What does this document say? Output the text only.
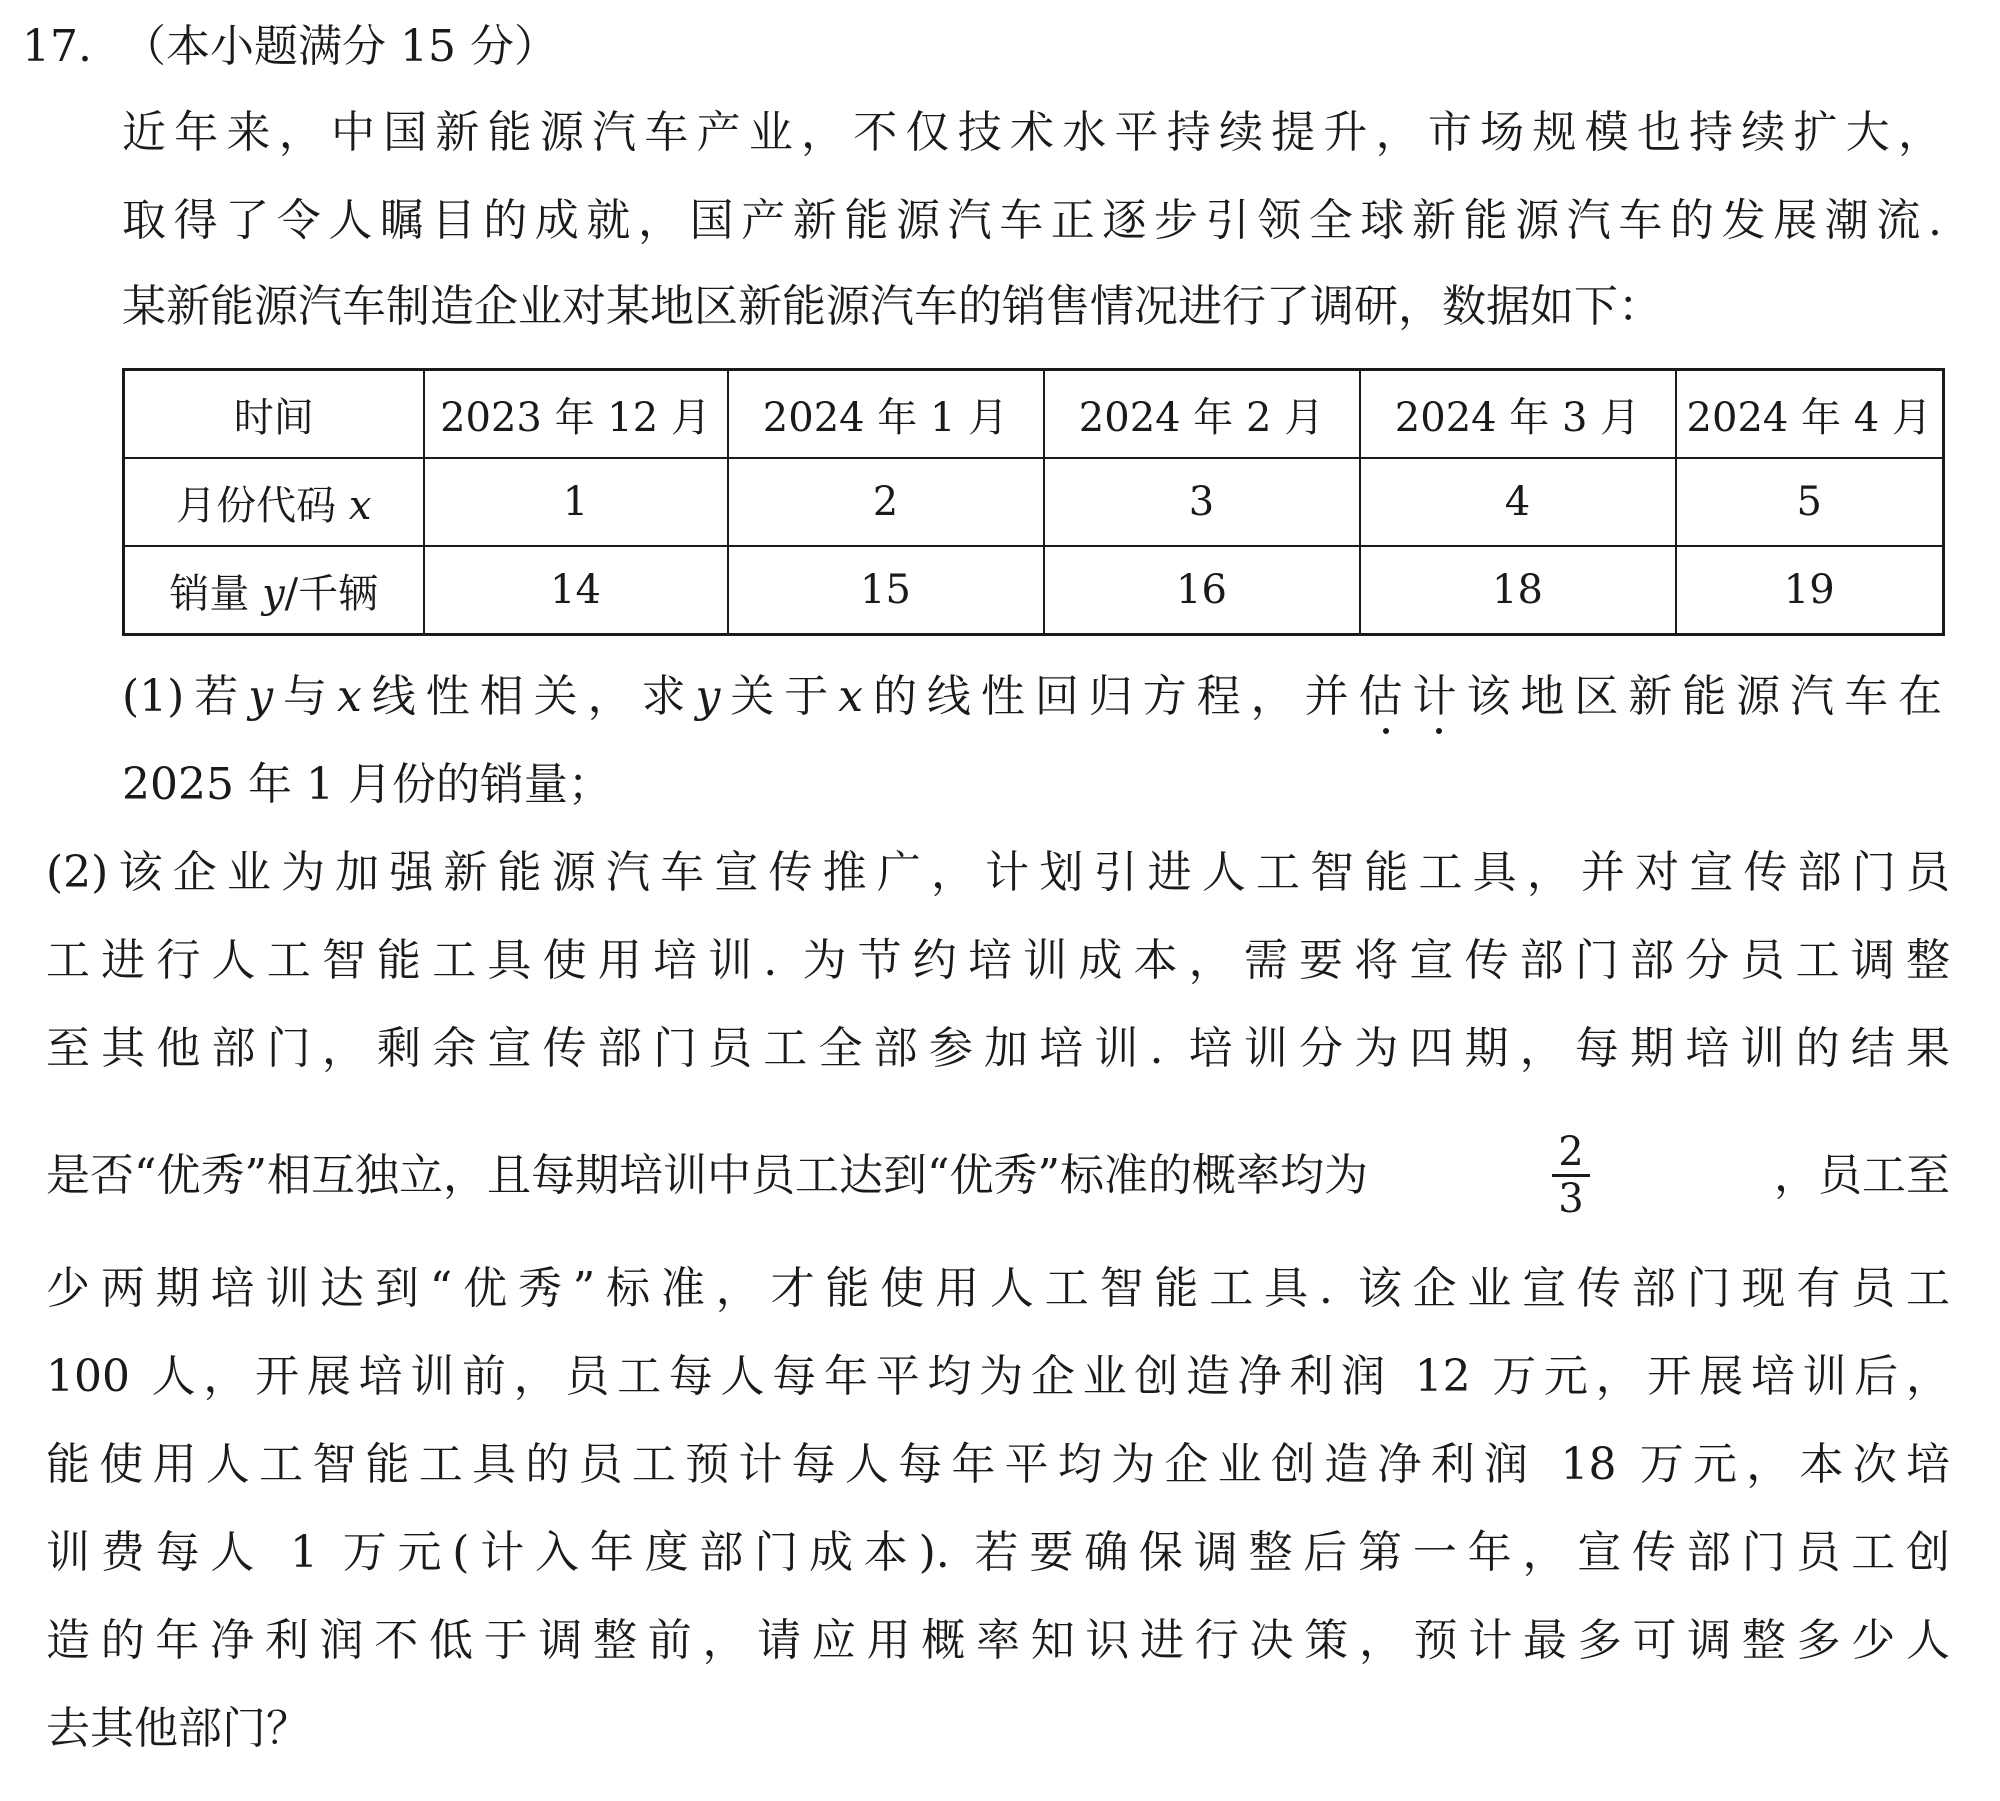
17. （本小题满分 15 分）
近年来，中国新能源汽车产业，不仅技术水平持续提升，市场规模也持续扩大，
取得了令人瞩目的成就，国产新能源汽车正逐步引领全球新能源汽车的发展潮流.
某新能源汽车制造企业对某地区新能源汽车的销售情况进行了调研，数据如下：
时间	2023 年 12 月	2024 年 1 月	2024 年 2 月	2024 年 3 月	2024 年 4 月
月份代码 x	1	2	3	4	5
销量 y/千辆	14	15	16	18	19
(1)若y与x线性相关，求y关于x的线性回归方程，并估计该地区新能源汽车在
2025 年 1 月份的销量；
(2)该企业为加强新能源汽车宣传推广，计划引进人工智能工具，并对宣传部门员
工进行人工智能工具使用培训. 为节约培训成本，需要将宣传部门部分员工调整
至其他部门，剩余宣传部门员工全部参加培训. 培训分为四期，每期培训的结果
是否“优秀”相互独立，且每期培训中员工达到“优秀”标准的概率均为	$\frac{2}{3}$	，员工至
少两期培训达到“优秀”标准，才能使用人工智能工具. 该企业宣传部门现有员工
100 人，开展培训前，员工每人每年平均为企业创造净利润 12 万元，开展培训后，
能使用人工智能工具的员工预计每人每年平均为企业创造净利润 18 万元，本次培
训费每人 1 万元(计入年度部门成本). 若要确保调整后第一年，宣传部门员工创
造的年净利润不低于调整前，请应用概率知识进行决策，预计最多可调整多少人
去其他部门？
